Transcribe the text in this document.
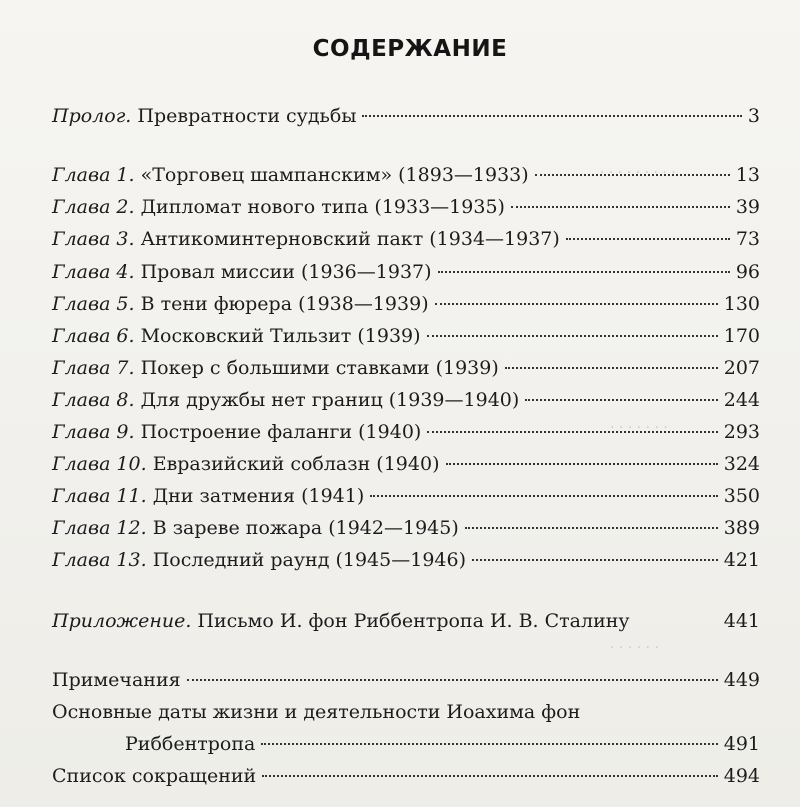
· · · · · · · · ·
· · · · · · ·
· · · · · ·
СОДЕРЖАНИЕ
Пролог. Превратности судьбы	3
Глава 1. «Торговец шампанским» (1893—1933)	13
Глава 2. Дипломат нового типа (1933—1935)	39
Глава 3. Антикоминтерновский пакт (1934—1937)	73
Глава 4. Провал миссии (1936—1937)	96
Глава 5. В тени фюрера (1938—1939)	130
Глава 6. Московский Тильзит (1939)	170
Глава 7. Покер с большими ставками (1939)	207
Глава 8. Для дружбы нет границ (1939—1940)	244
Глава 9. Построение фаланги (1940)	293
Глава 10. Евразийский соблазн (1940)	324
Глава 11. Дни затмения (1941)	350
Глава 12. В зареве пожара (1942—1945)	389
Глава 13. Последний раунд (1945—1946)	421
Приложение. Письмо И. фон Риббентропа И. В. Сталину	441
Примечания	449
Основные даты жизни и деятельности Иоахима фон
Риббентропа	491
Список сокращений	494
